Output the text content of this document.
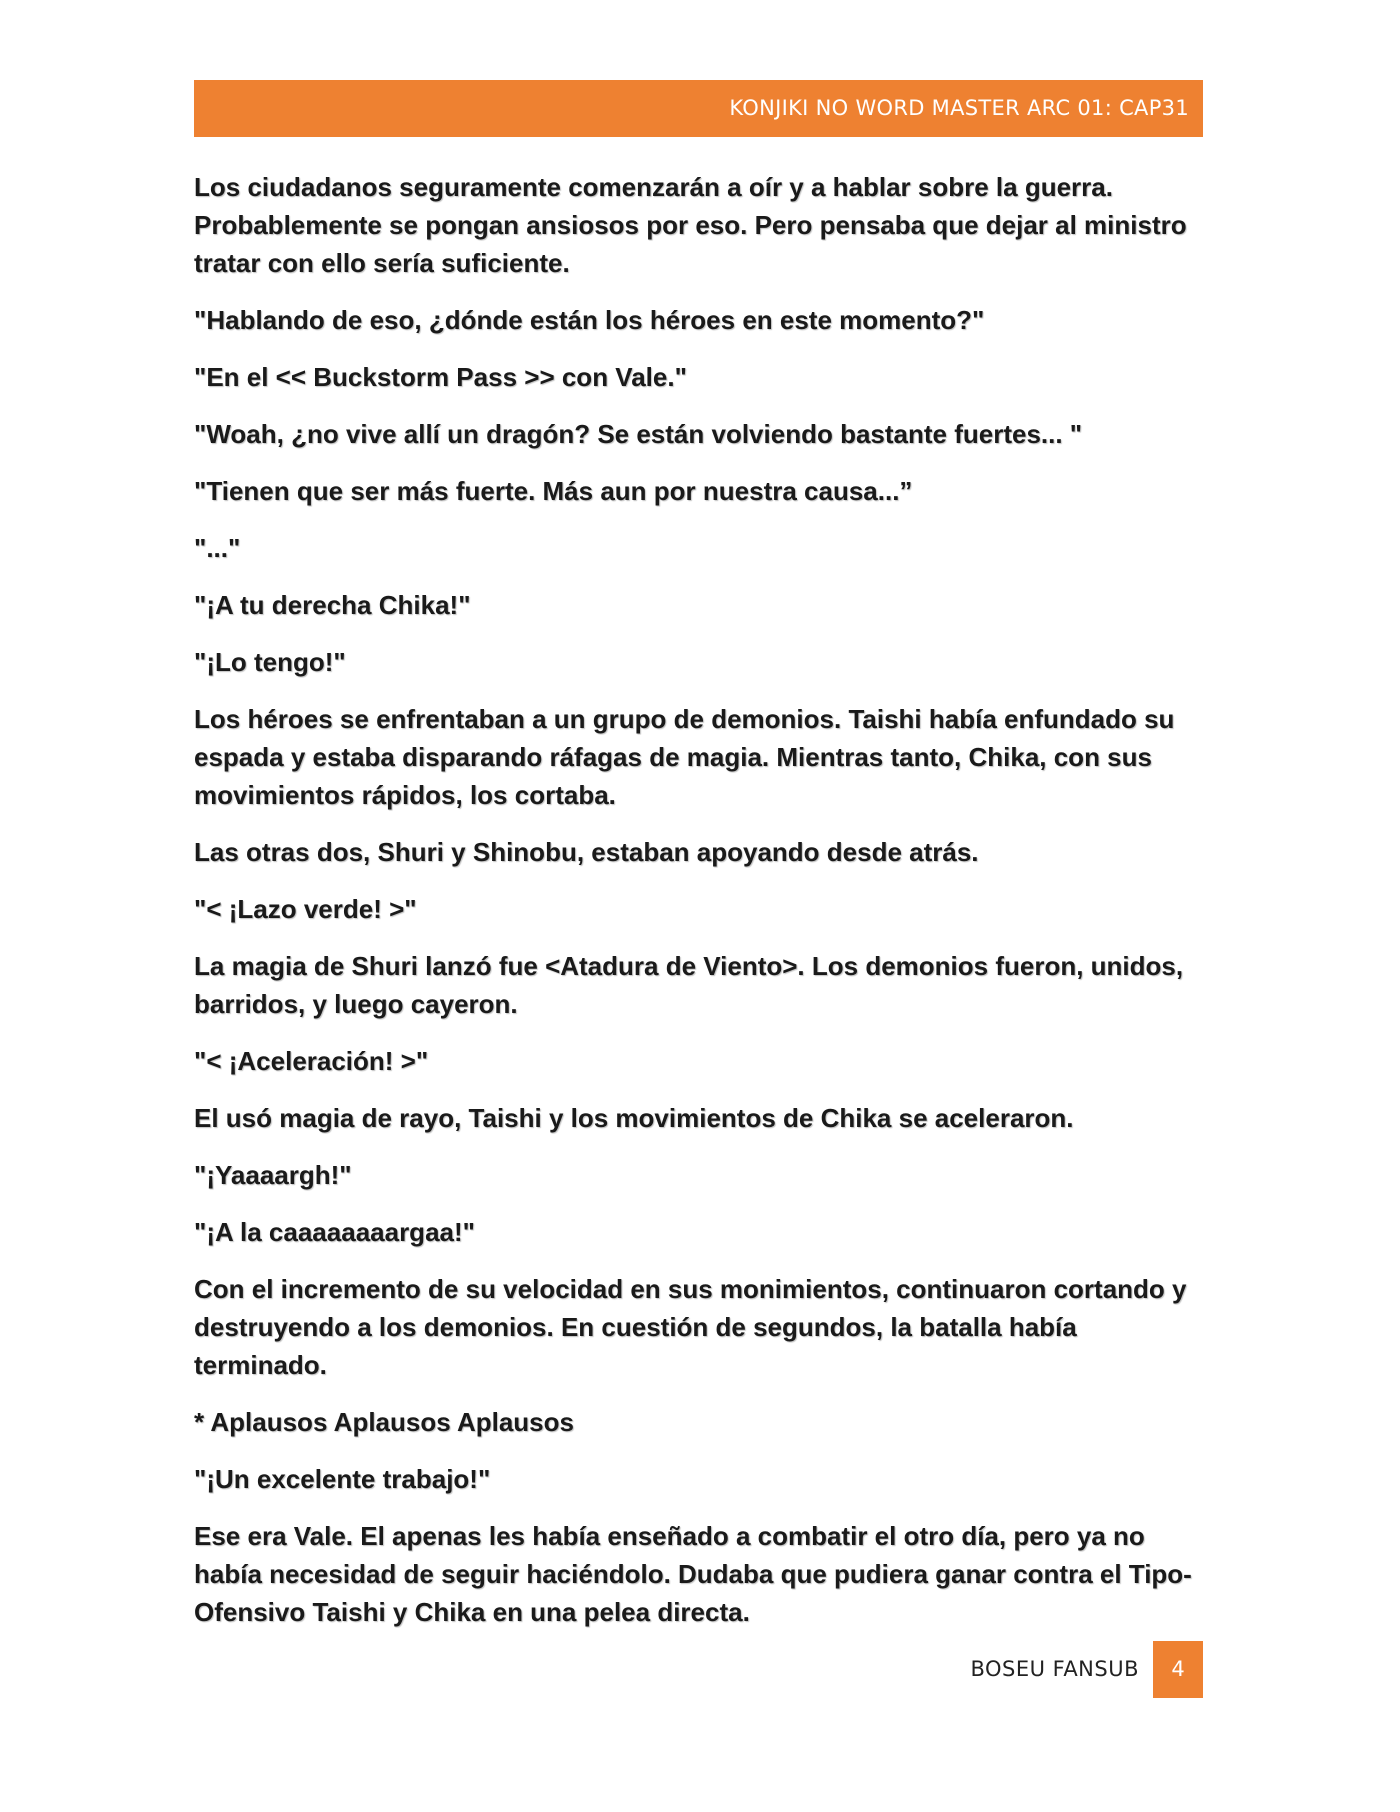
KONJIKI NO WORD MASTER ARC 01: CAP31

Los ciudadanos seguramente comenzarán a oír y a hablar sobre la guerra. Probablemente se pongan ansiosos por eso. Pero pensaba que dejar al ministro tratar con ello sería suficiente.

"Hablando de eso, ¿dónde están los héroes en este momento?"

"En el << Buckstorm Pass >> con Vale."

"Woah, ¿no vive allí un dragón? Se están volviendo bastante fuertes... "

"Tienen que ser más fuerte. Más aun por nuestra causa...”

"..."

"¡A tu derecha Chika!"

"¡Lo tengo!"

Los héroes se enfrentaban a un grupo de demonios. Taishi había enfundado su espada y estaba disparando ráfagas de magia. Mientras tanto, Chika, con sus movimientos rápidos, los cortaba.

Las otras dos, Shuri y Shinobu, estaban apoyando desde atrás.

"< ¡Lazo verde! >"

La magia de Shuri lanzó fue <Atadura de Viento>. Los demonios fueron, unidos, barridos, y luego cayeron.

"< ¡Aceleración! >"

El usó magia de rayo, Taishi y los movimientos de Chika se aceleraron.

"¡Yaaaargh!"

"¡A la caaaaaaaargaa!"

Con el incremento de su velocidad en sus monimientos, continuaron cortando y destruyendo a los demonios. En cuestión de segundos, la batalla había terminado.

* Aplausos Aplausos Aplausos

"¡Un excelente trabajo!"

Ese era Vale. El apenas les había enseñado a combatir el otro día, pero ya no había necesidad de seguir haciéndolo. Dudaba que pudiera ganar contra el Tipo-Ofensivo Taishi y Chika en una pelea directa.

BOSEU FANSUB	4
